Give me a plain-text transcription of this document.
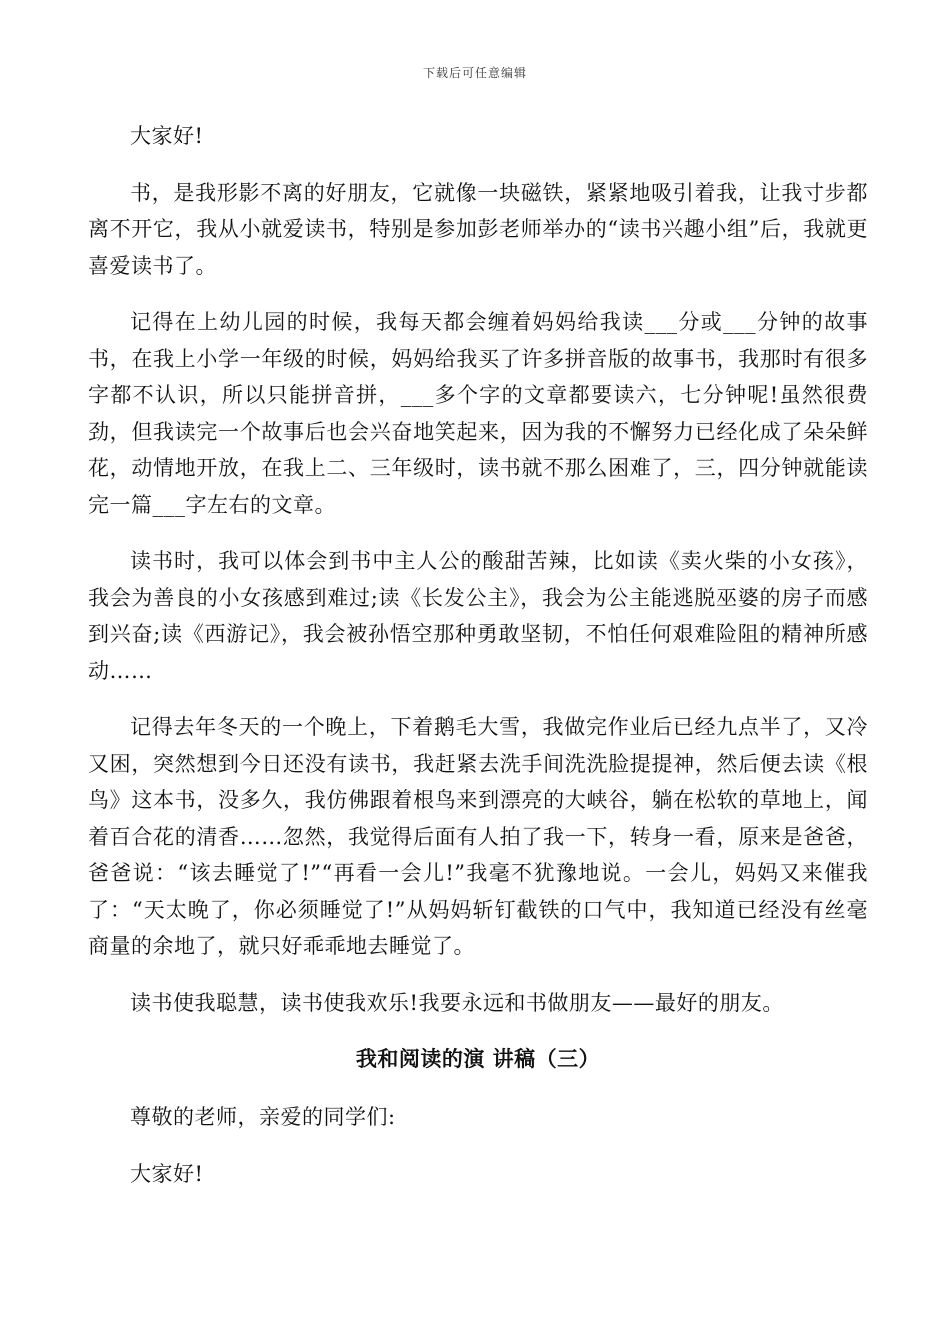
下载后可任意编辑

大家好!

书，是我形影不离的好朋友，它就像一块磁铁，紧紧地吸引着我，让我寸步都离不开它，我从小就爱读书，特别是参加彭老师举办的“读书兴趣小组”后，我就更喜爱读书了。

记得在上幼儿园的时候，我每天都会缠着妈妈给我读___分或___分钟的故事书，在我上小学一年级的时候，妈妈给我买了许多拼音版的故事书，我那时有很多字都不认识，所以只能拼音拼，___多个字的文章都要读六，七分钟呢!虽然很费劲，但我读完一个故事后也会兴奋地笑起来，因为我的不懈努力已经化成了朵朵鲜花，动情地开放，在我上二、三年级时，读书就不那么困难了，三，四分钟就能读完一篇___字左右的文章。

读书时，我可以体会到书中主人公的酸甜苦辣，比如读《卖火柴的小女孩》，我会为善良的小女孩感到难过;读《长发公主》，我会为公主能逃脱巫婆的房子而感到兴奋;读《西游记》，我会被孙悟空那种勇敢坚韧，不怕任何艰难险阻的精神所感动……

记得去年冬天的一个晚上，下着鹅毛大雪，我做完作业后已经九点半了，又冷又困，突然想到今日还没有读书，我赶紧去洗手间洗洗脸提提神，然后便去读《根鸟》这本书，没多久，我仿佛跟着根鸟来到漂亮的大峡谷，躺在松软的草地上，闻着百合花的清香……忽然，我觉得后面有人拍了我一下，转身一看，原来是爸爸，爸爸说：“该去睡觉了!”“再看一会儿!”我毫不犹豫地说。一会儿，妈妈又来催我了：“天太晚了，你必须睡觉了!”从妈妈斩钉截铁的口气中，我知道已经没有丝毫商量的余地了，就只好乖乖地去睡觉了。

读书使我聪慧，读书使我欢乐!我要永远和书做朋友——最好的朋友。

我和阅读的演 讲稿（三）

尊敬的老师，亲爱的同学们:

大家好!
